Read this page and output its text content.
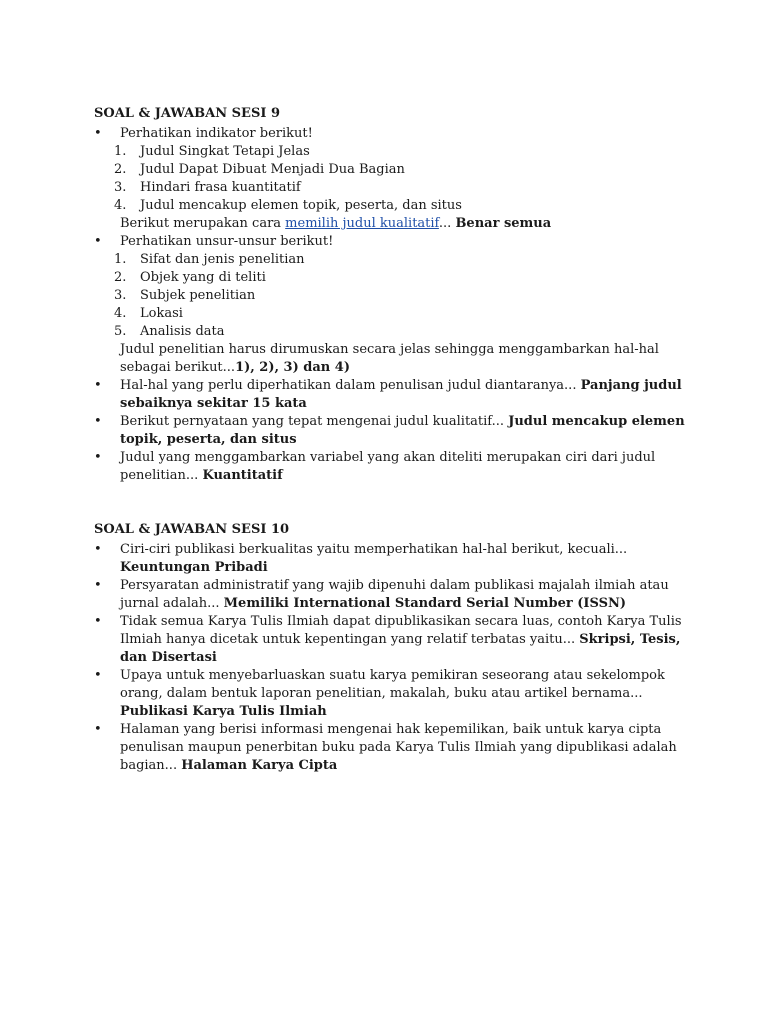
SOAL & JAWABAN SESI 9
•	Perhatikan indikator berikut!
1. Judul Singkat Tetapi Jelas
2. Judul Dapat Dibuat Menjadi Dua Bagian
3. Hindari frasa kuantitatif
4. Judul mencakup elemen topik, peserta, dan situs
Berikut merupakan cara memilih judul kualitatif... Benar semua
•	Perhatikan unsur-unsur berikut!
1. Sifat dan jenis penelitian
2. Objek yang di teliti
3. Subjek penelitian
4. Lokasi
5. Analisis data
Judul penelitian harus dirumuskan secara jelas sehingga menggambarkan hal-hal sebagai berikut...1), 2), 3) dan 4)
•	Hal-hal yang perlu diperhatikan dalam penulisan judul diantaranya... Panjang judul sebaiknya sekitar 15 kata
•	Berikut pernyataan yang tepat mengenai judul kualitatif... Judul mencakup elemen topik, peserta, dan situs
•	Judul yang menggambarkan variabel yang akan diteliti merupakan ciri dari judul penelitian... Kuantitatif
SOAL & JAWABAN SESI 10
•	Ciri-ciri publikasi berkualitas yaitu memperhatikan hal-hal berikut, kecuali... Keuntungan Pribadi
•	Persyaratan administratif yang wajib dipenuhi dalam publikasi majalah ilmiah atau jurnal adalah... Memiliki International Standard Serial Number (ISSN)
•	Tidak semua Karya Tulis Ilmiah dapat dipublikasikan secara luas, contoh Karya Tulis Ilmiah hanya dicetak untuk kepentingan yang relatif terbatas yaitu... Skripsi, Tesis, dan Disertasi
•	Upaya untuk menyebarluaskan suatu karya pemikiran seseorang atau sekelompok orang, dalam bentuk laporan penelitian, makalah, buku atau artikel bernama... Publikasi Karya Tulis Ilmiah
•	Halaman yang berisi informasi mengenai hak kepemilikan, baik untuk karya cipta penulisan maupun penerbitan buku pada Karya Tulis Ilmiah yang dipublikasi adalah bagian... Halaman Karya Cipta
